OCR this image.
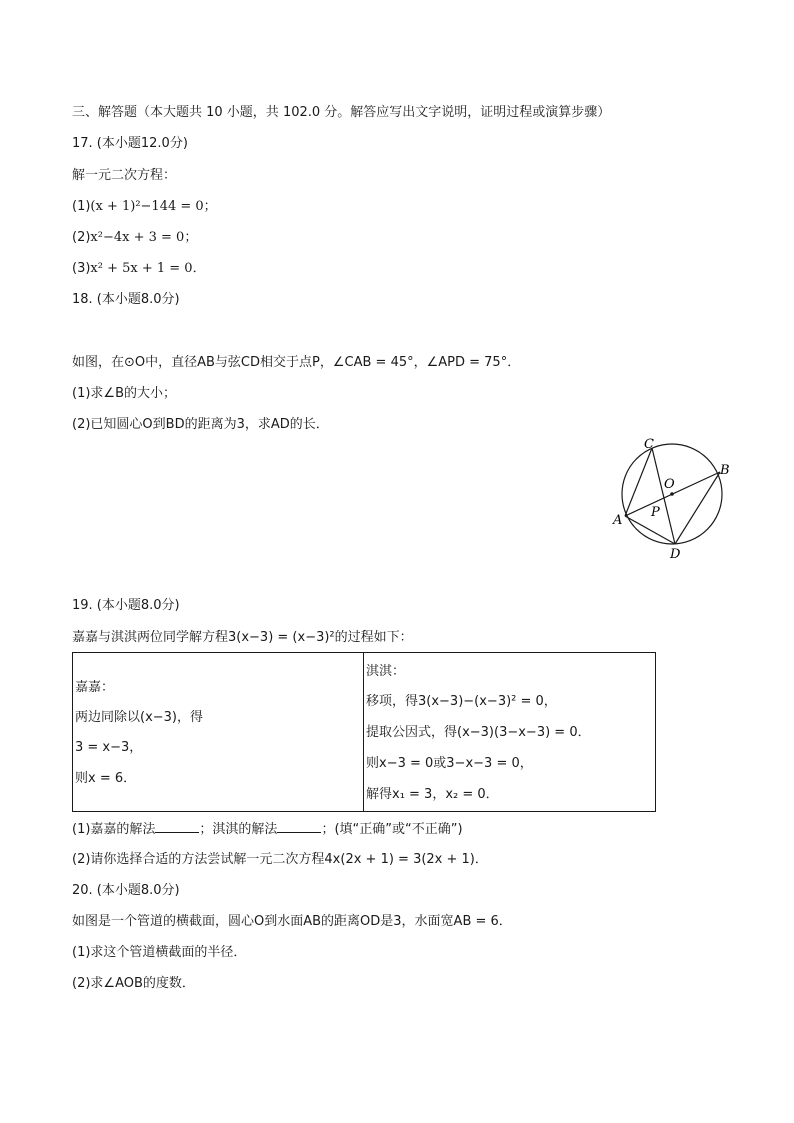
三、解答题（本大题共 10 小题，共 102.0 分。解答应写出文字说明，证明过程或演算步骤）
17. (本小题12.0分)
解一元二次方程：
(1)(x + 1)²−144 = 0；
(2)x²−4x + 3 = 0；
(3)x² + 5x + 1 = 0．
18. (本小题8.0分)
如图，在⊙O中，直径AB与弦CD相交于点P，∠CAB = 45°，∠APD = 75°．
(1)求∠B的大小；
(2)已知圆心O到BD的距离为3，求AD的长．
C
B
O
A
P
D
19. (本小题8.0分)
嘉嘉与淇淇两位同学解方程3(x−3) = (x−3)²的过程如下：
嘉嘉：
两边同除以(x−3)，得
3 = x−3，
则x = 6．

淇淇：
移项，得3(x−3)−(x−3)² = 0，
提取公因式，得(x−3)(3−x−3) = 0．
则x−3 = 0或3−x−3 = 0，
解得x₁ = 3，x₂ = 0．
(1)嘉嘉的解法	；淇淇的解法	；(填“正确”或“不正确”)
(2)请你选择合适的方法尝试解一元二次方程4x(2x + 1) = 3(2x + 1)．
20. (本小题8.0分)
如图是一个管道的横截面，圆心O到水面AB的距离OD是3，水面宽AB = 6．
(1)求这个管道横截面的半径．
(2)求∠AOB的度数．
